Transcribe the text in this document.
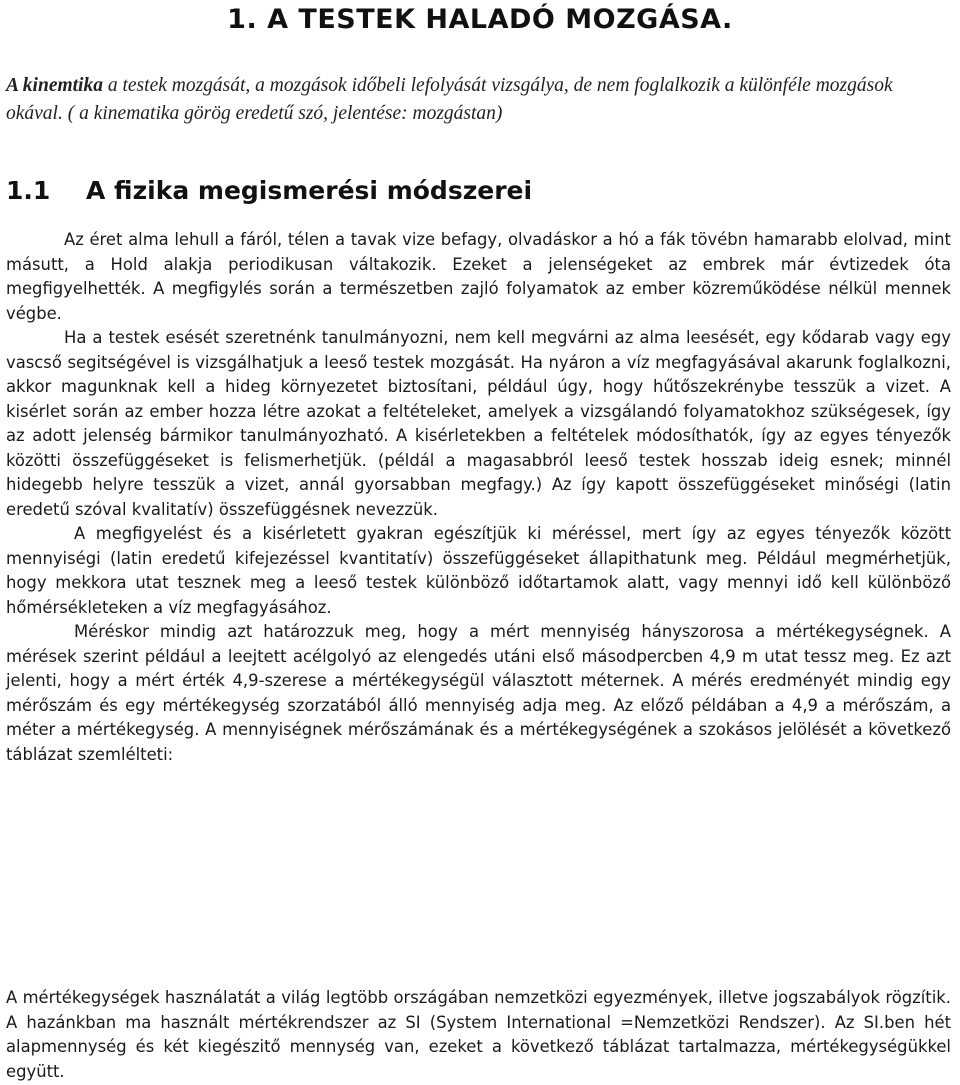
1. A TESTEK HALADÓ MOZGÁSA.

A kinemtika a testek mozgását, a mozgások időbeli lefolyását vizsgálya, de nem foglalkozik a különféle mozgások okával. ( a kinematika görög eredetű szó, jelentése: mozgástan)

1.1 A fizika megismerési módszerei

Az éret alma lehull a fáról, télen a tavak vize befagy, olvadáskor a hó a fák tövébn hamarabb elolvad, mint másutt, a Hold alakja periodikusan váltakozik. Ezeket a jelenségeket az embrek már évtizedek óta megfigyelhették. A megfigylés során a természetben zajló folyamatok az ember közreműködése nélkül mennek végbe.

Ha a testek esését szeretnénk tanulmányozni, nem kell megvárni az alma leesését, egy kődarab vagy egy vascső segitségével is vizsgálhatjuk a leeső testek mozgását. Ha nyáron a víz megfagyásával akarunk foglalkozni, akkor magunknak kell a hideg környezetet biztosítani, például úgy, hogy hűtőszekrénybe tesszük a vizet. A kisérlet során az ember hozza létre azokat a feltételeket, amelyek a vizsgálandó folyamatokhoz szükségesek, így az adott jelenség bármikor tanulmányozható. A kisérletekben a feltételek módosíthatók, így az egyes tényezők közötti összefüggéseket is felismerhetjük. (példál a magasabbról leeső testek hosszab ideig esnek; minnél hidegebb helyre tesszük a vizet, annál gyorsabban megfagy.) Az így kapott összefüggéseket minőségi (latin eredetű szóval kvalitatív) összefüggésnek nevezzük.

A megfigyelést és a kisérletett gyakran egészítjük ki méréssel, mert így az egyes tényezők között mennyiségi (latin eredetű kifejezéssel kvantitatív) összefüggéseket állapithatunk meg. Például megmérhetjük, hogy mekkora utat tesznek meg a leeső testek különböző időtartamok alatt, vagy mennyi idő kell különböző hőmérsékleteken a víz megfagyásához.

Méréskor mindig azt határozzuk meg, hogy a mért mennyiség hányszorosa a mértékegységnek. A mérések szerint például a leejtett acélgolyó az elengedés utáni első másodpercben 4,9 m utat tessz meg. Ez azt jelenti, hogy a mért érték 4,9-szerese a mértékegységül választott méternek. A mérés eredményét mindig egy mérőszám és egy mértékegység szorzatából álló mennyiség adja meg. Az előző példában a 4,9 a mérőszám, a méter a mértékegység. A mennyiségnek mérőszámának és a mértékegységének a szokásos jelölését a következő táblázat szemlélteti:

A mértékegységek használatát a világ legtöbb országában nemzetközi egyezmények, illetve jogszabályok rögzítik. A hazánkban ma használt mértékrendszer az SI (System International =Nemzetközi Rendszer). Az SI.ben hét alapmennység és két kiegészitő mennység van, ezeket a következő táblázat tartalmazza, mértékegységükkel együtt.
